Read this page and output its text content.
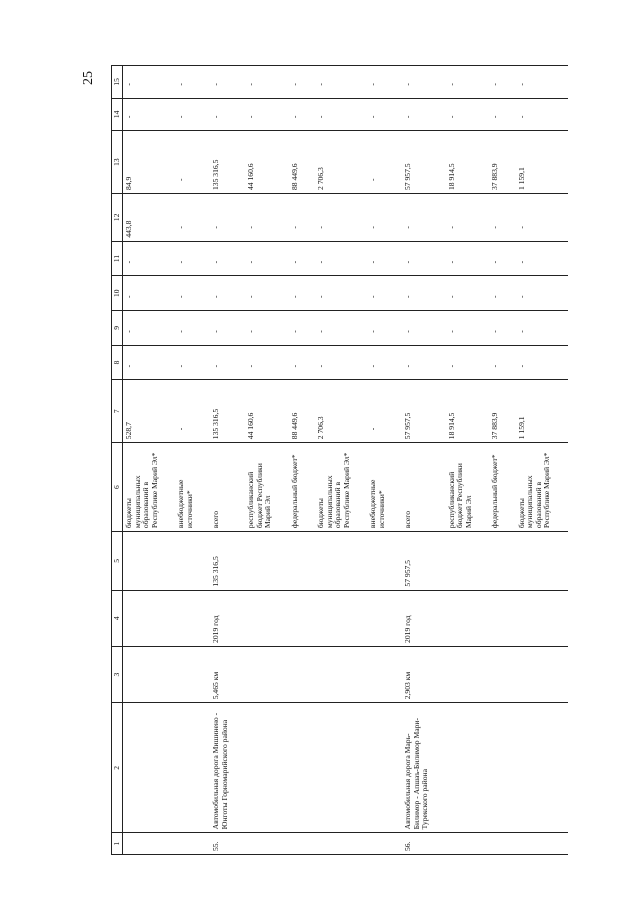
25
1	2	3	4	5	6	7	8	9	10	11	12	13	14	15
					бюджеты муниципальных образований в Республике Марий Эл*	528,7	-	-	-	-	443,8	84,9	-	-

					внебюджетные источники*	-	-	-	-	-	-	-	-	-

55.	Автомобильная дорога Мишинено - Юнготы Горномарийского района	5,465 км	2019 год	135 316,5	всего	135 316,5	-	-	-	-	-	135 316,5	-	-

					республиканский бюджет Республики Марий Эл	44 160,6	-	-	-	-	-	44 160,6	-	-

					федеральный бюджет*	88 449,6	-	-	-	-	-	88 449,6	-	-

					бюджеты муниципальных образований в Республике Марий Эл*	2 706,3	-	-	-	-	-	2 706,3	-	-

					внебюджетные источники*	-	-	-	-	-	-	-	-	-

56.	Автомобильная дорога Марь-Билимор - Апшаъ-Билимор Мари-Турекского района	2,903 км	2019 год	57 957,5	всего	57 957,5	-	-	-	-	-	57 957,5	-	-

					республиканский бюджет Республики Марий Эл	18 914,5	-	-	-	-	-	18 914,5	-	-

					федеральный бюджет*	37 883,9	-	-	-	-	-	37 883,9	-	-

					бюджеты муниципальных образований в Республике Марий Эл*	1 159,1	-	-	-	-	-	1 159,1	-	-
